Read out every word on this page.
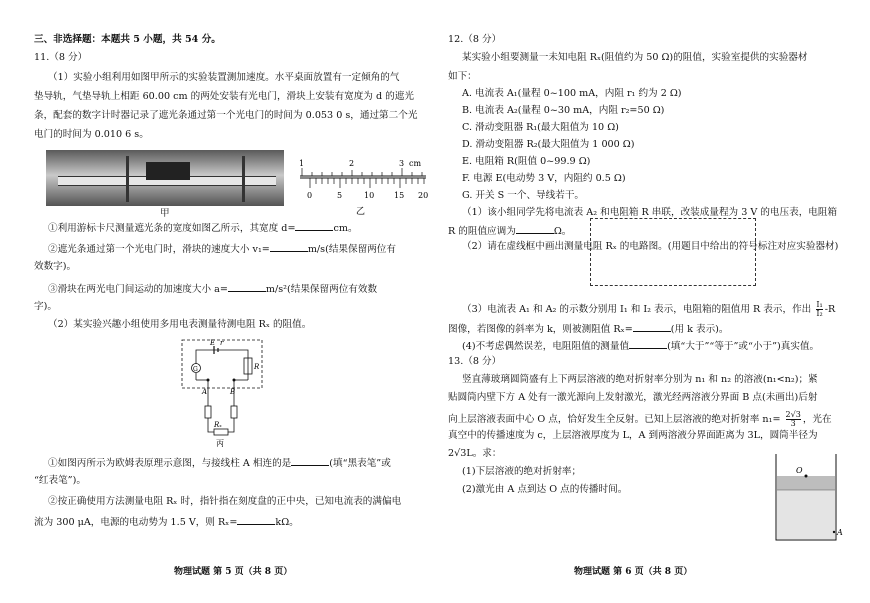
三、非选择题：本题共 5 小题，共 54 分。
11.（8 分）
（1）实验小组利用如图甲所示的实验装置测加速度。水平桌面放置有一定倾角的气
垫导轨，气垫导轨上相距 60.00 cm 的两处安装有光电门，滑块上安装有宽度为 d 的遮光
条，配套的数字计时器记录了遮光条通过第一个光电门的时间为 0.053 0 s，通过第二个光
电门的时间为 0.010 6 s。
甲
1	2	3 cm
0	5	10 15 20
乙
①利用游标卡尺测量遮光条的宽度如图乙所示，其宽度 d=	cm。
②遮光条通过第一个光电门时，滑块的速度大小 v₁=	m/s(结果保留两位有
效数字)。
③滑块在两光电门间运动的加速度大小 a=	m/s²(结果保留两位有效数
字)。
（2）某实验兴趣小组使用多用电表测量待测电阻 Rₓ 的阻值。
E r
G	R
A	B
Rₓ
丙
①如图丙所示为欧姆表原理示意图，与接线柱 A 相连的是	(填“黑表笔”或
“红表笔”)。
②按正确使用方法测量电阻 Rₓ 时，指针指在刻度盘的正中央，已知电流表的满偏电
流为 300 μA，电源的电动势为 1.5 V，则 Rₓ=	kΩ。
物理试题 第 5 页（共 8 页）
12.（8 分）
某实验小组要测量一未知电阻 Rₓ(阻值约为 50 Ω)的阻值，实验室提供的实验器材
如下：
A. 电流表 A₁(量程 0~100 mA，内阻 r₁ 约为 2 Ω)
B. 电流表 A₂(量程 0~30 mA，内阻 r₂=50 Ω)
C. 滑动变阻器 R₁(最大阻值为 10 Ω)
D. 滑动变阻器 R₂(最大阻值为 1 000 Ω)
E. 电阻箱 R(阻值 0~99.9 Ω)
F. 电源 E(电动势 3 V，内阻约 0.5 Ω)
G. 开关 S 一个、导线若干。
（1）该小组同学先将电流表 A₂ 和电阻箱 R 串联，改装成量程为 3 V 的电压表，电阻箱
R 的阻值应调为	Ω。
（2）请在虚线框中画出测量电阻 Rₓ 的电路图。(用题目中给出的符号标注对应实验器材)
（3）电流表 A₁ 和 A₂ 的示数分别用 I₁ 和 I₂ 表示，电阻箱的阻值用 R 表示，作出 $\frac{\text{I₁}}{\text{I₂}} -R$
图像，若图像的斜率为 k，则被测阻值 Rₓ=	(用 k 表示)。
(4)不考虑偶然误差，电阻阻值的测量值	(填“大于”“等于”或“小于”)真实值。
13.（8 分）
竖直薄玻璃圆筒盛有上下两层溶液的绝对折射率分别为 n₁ 和 n₂ 的溶液(n₁<n₂)；紧
贴圆筒内壁下方 A 处有一激光源向上发射激光，激光经两溶液分界面 B 点(未画出)后射
向上层溶液表面中心 O 点，恰好发生全反射。已知上层溶液的绝对折射率 $n_1= \frac{2√3}{3}$ ，光在
真空中的传播速度为 c，上层溶液厚度为 L，A 到两溶液分界面距离为 3L，圆筒半径为
2√3L。求：
(1)下层溶液的绝对折射率；
(2)激光由 A 点到达 O 点的传播时间。
O
A
物理试题 第 6 页（共 8 页）
